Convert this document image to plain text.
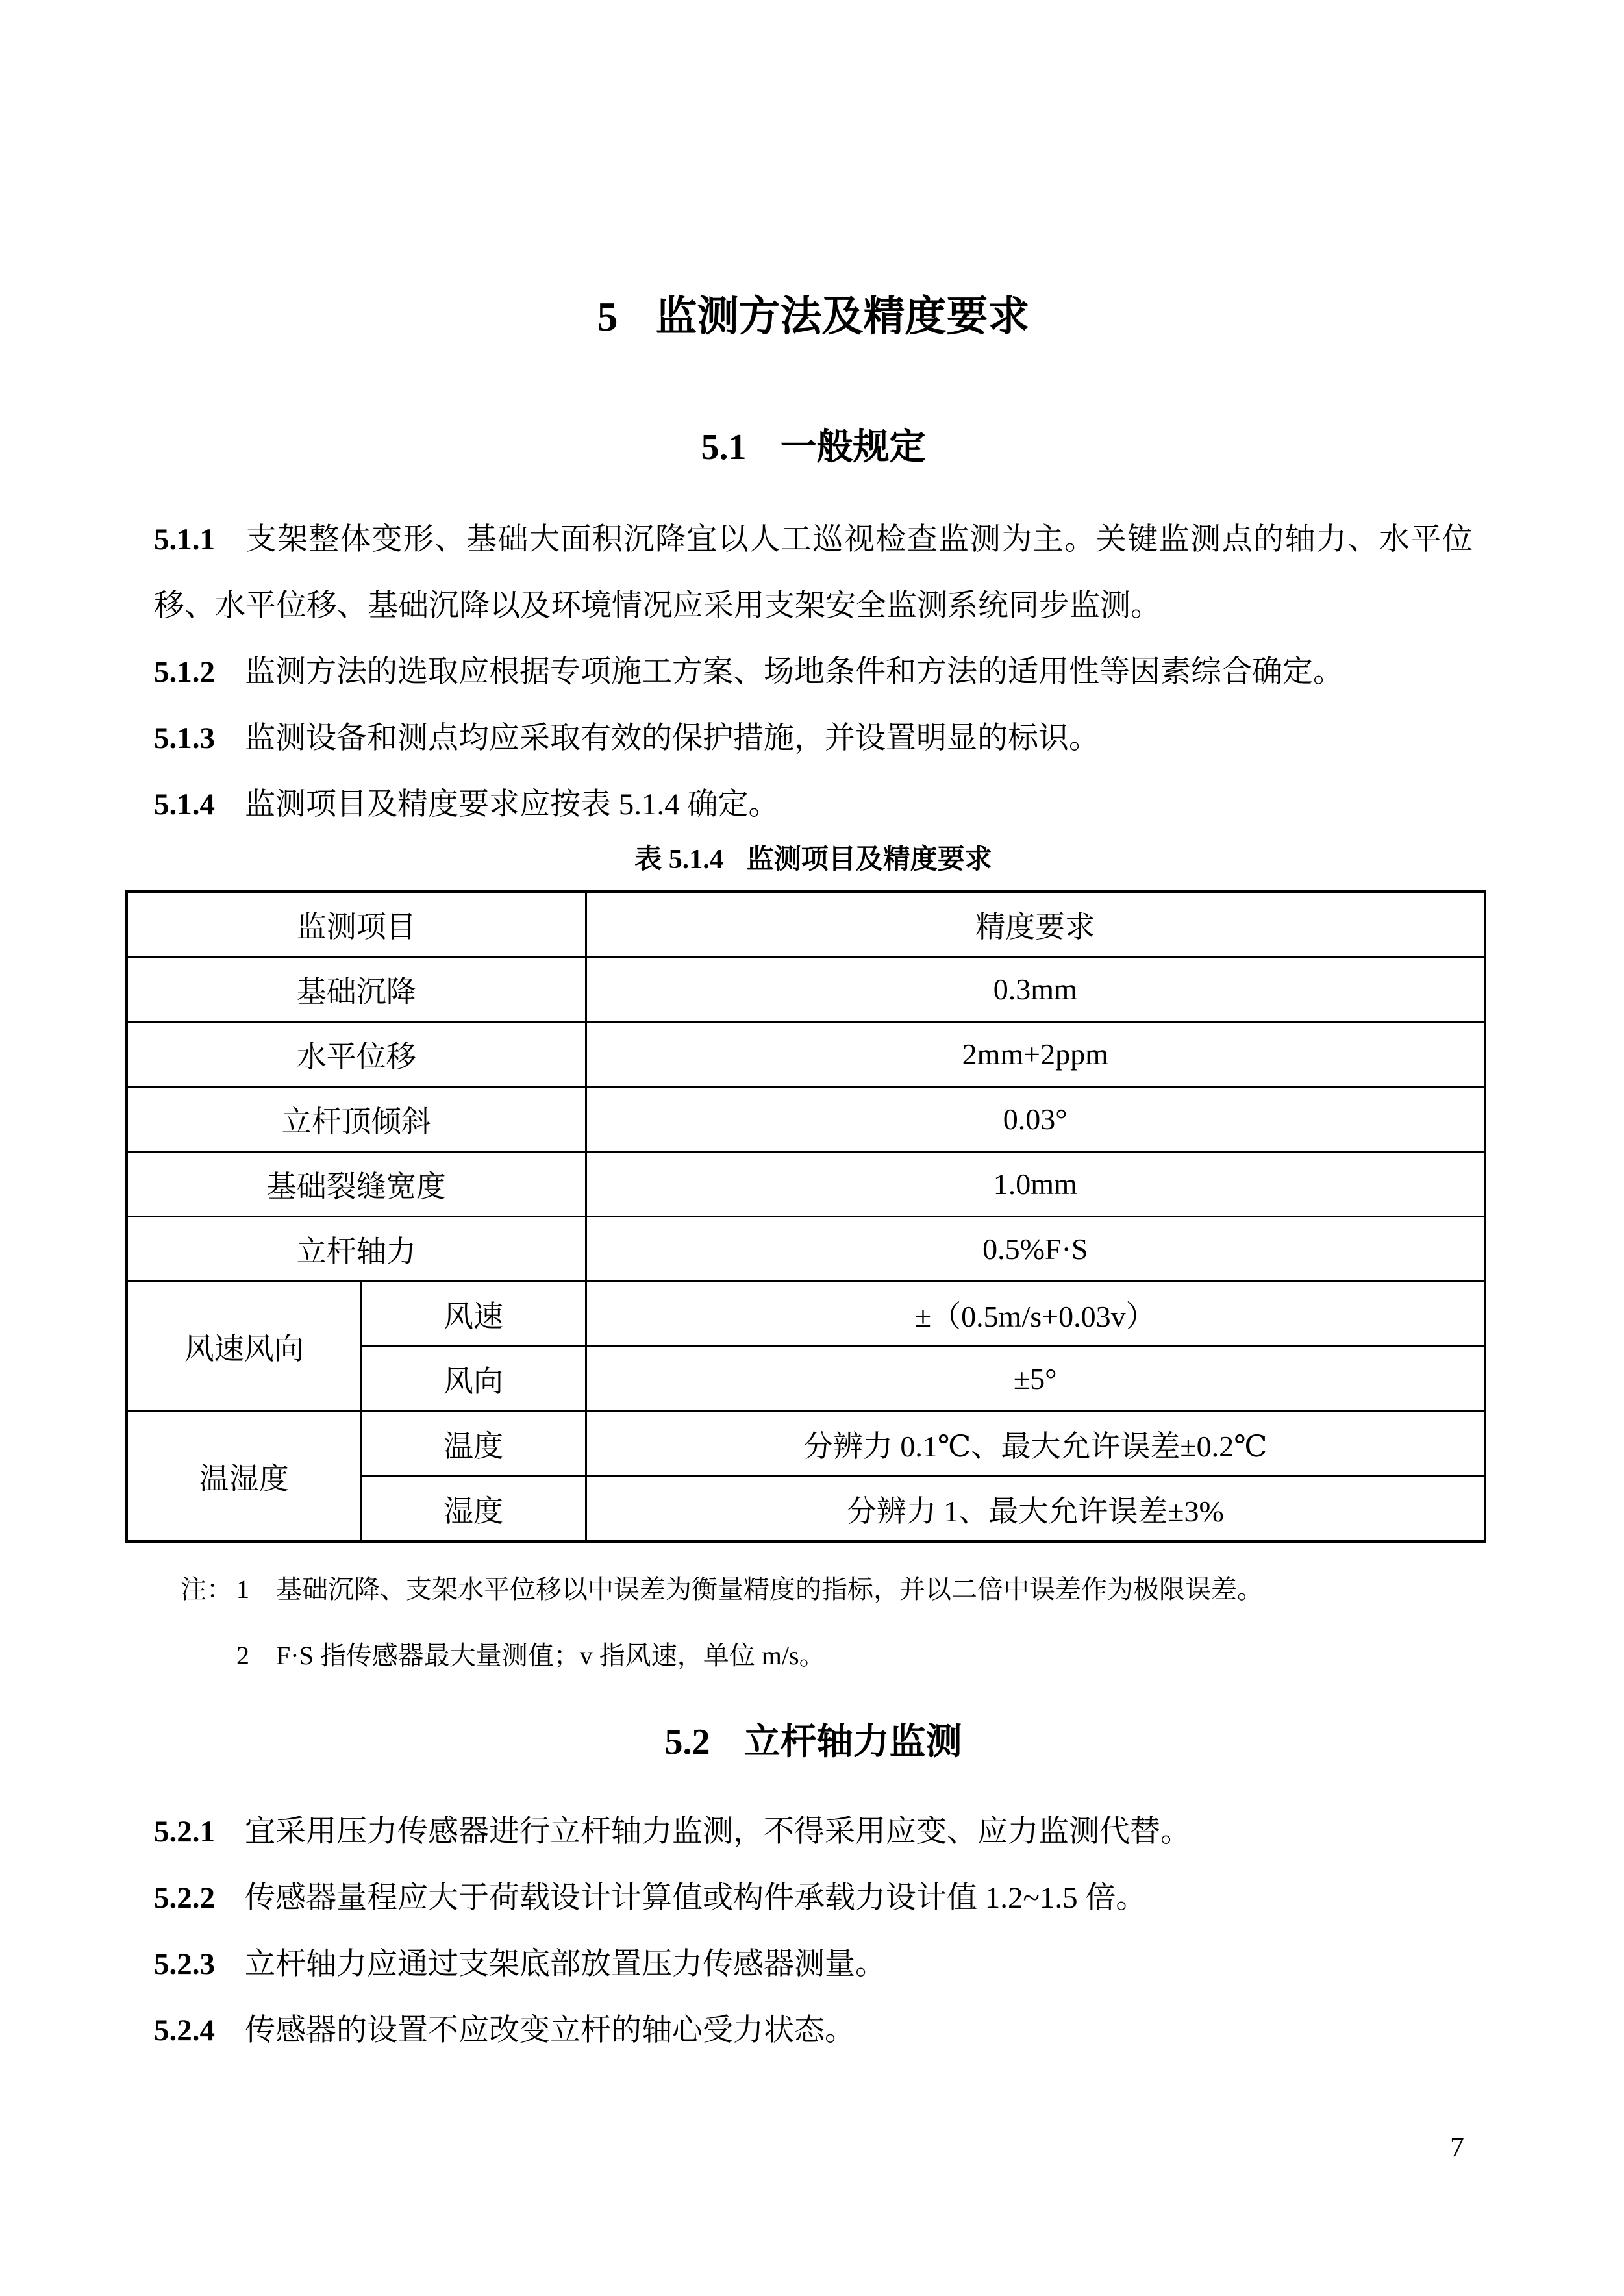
5 监测方法及精度要求
5.1 一般规定

5.1.1 支架整体变形、基础大面积沉降宜以人工巡视检查监测为主。关键监测点的轴力、水平位移、水平位移、基础沉降以及环境情况应采用支架安全监测系统同步监测。

5.1.2 监测方法的选取应根据专项施工方案、场地条件和方法的适用性等因素综合确定。

5.1.3 监测设备和测点均应采取有效的保护措施，并设置明显的标识。

5.1.4 监测项目及精度要求应按表 5.1.4 确定。

表 5.1.4 监测项目及精度要求
监测项目		精度要求
基础沉降		0.3mm
水平位移		2mm+2ppm
立杆顶倾斜		0.03°
基础裂缝宽度		1.0mm
立杆轴力		0.5%F·S
风速风向	风速	±（0.5m/s+0.03v）
	风向	±5°
温湿度	温度	分辨力 0.1℃、最大允许误差±0.2℃
	湿度	分辨力 1、最大允许误差±3%

注： 1 基础沉降、支架水平位移以中误差为衡量精度的指标，并以二倍中误差作为极限误差。

2 F·S 指传感器最大量测值；v 指风速，单位 m/s。

5.2 立杆轴力监测

5.2.1 宜采用压力传感器进行立杆轴力监测，不得采用应变、应力监测代替。

5.2.2 传感器量程应大于荷载设计计算值或构件承载力设计值 1.2~1.5 倍。

5.2.3 立杆轴力应通过支架底部放置压力传感器测量。

5.2.4 传感器的设置不应改变立杆的轴心受力状态。

7
